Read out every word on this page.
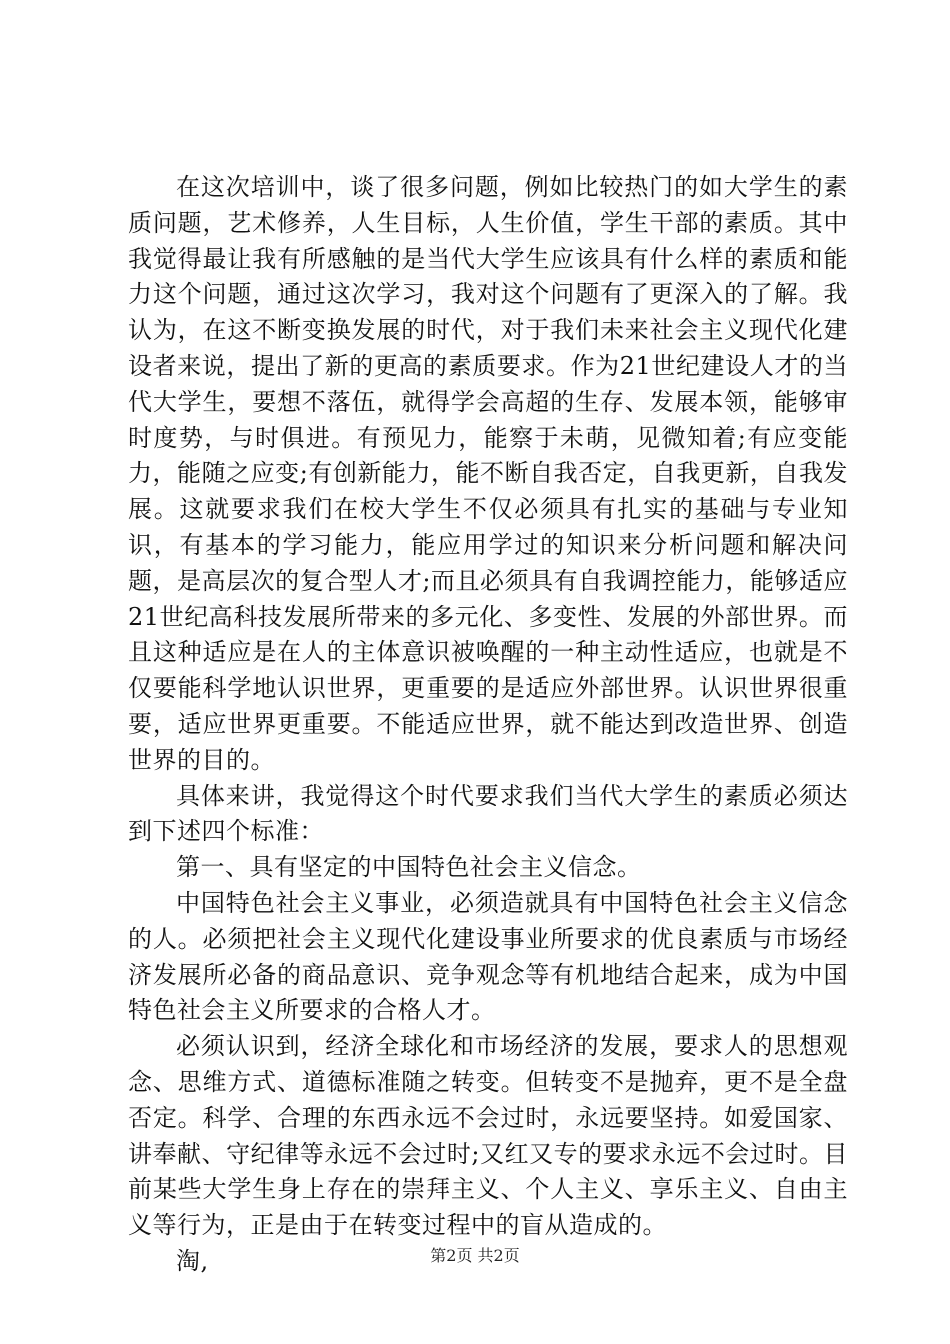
在这次培训中，谈了很多问题，例如比较热门的如大学生的素质问题，艺术修养，人生目标，人生价值，学生干部的素质。其中我觉得最让我有所感触的是当代大学生应该具有什么样的素质和能力这个问题，通过这次学习，我对这个问题有了更深入的了解。我认为，在这不断变换发展的时代，对于我们未来社会主义现代化建设者来说，提出了新的更高的素质要求。作为21世纪建设人才的当代大学生，要想不落伍，就得学会高超的生存、发展本领，能够审时度势，与时俱进。有预见力，能察于未萌，见微知着;有应变能力，能随之应变;有创新能力，能不断自我否定，自我更新，自我发展。这就要求我们在校大学生不仅必须具有扎实的基础与专业知识，有基本的学习能力，能应用学过的知识来分析问题和解决问题，是高层次的复合型人才;而且必须具有自我调控能力，能够适应21世纪高科技发展所带来的多元化、多变性、发展的外部世界。而且这种适应是在人的主体意识被唤醒的一种主动性适应，也就是不仅要能科学地认识世界，更重要的是适应外部世界。认识世界很重要，适应世界更重要。不能适应世界，就不能达到改造世界、创造世界的目的。

具体来讲，我觉得这个时代要求我们当代大学生的素质必须达到下述四个标准：

第一、具有坚定的中国特色社会主义信念。

中国特色社会主义事业，必须造就具有中国特色社会主义信念的人。必须把社会主义现代化建设事业所要求的优良素质与市场经济发展所必备的商品意识、竞争观念等有机地结合起来，成为中国特色社会主义所要求的合格人才。

必须认识到，经济全球化和市场经济的发展，要求人的思想观念、思维方式、道德标准随之转变。但转变不是抛弃，更不是全盘否定。科学、合理的东西永远不会过时，永远要坚持。如爱国家、讲奉献、守纪律等永远不会过时;又红又专的要求永远不会过时。目前某些大学生身上存在的崇拜主义、个人主义、享乐主义、自由主义等行为，正是由于在转变过程中的盲从造成的。

淘,	第2页 共2页
